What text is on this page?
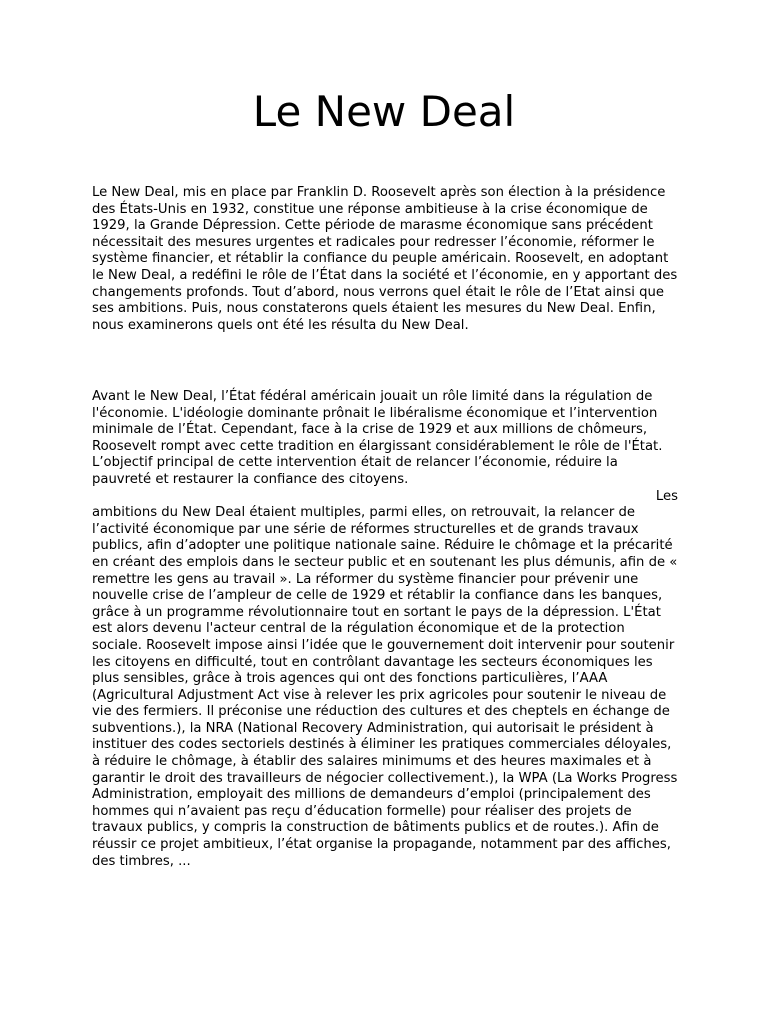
Le New Deal

Le New Deal, mis en place par Franklin D. Roosevelt après son élection à la présidence des États-Unis en 1932, constitue une réponse ambitieuse à la crise économique de 1929, la Grande Dépression. Cette période de marasme économique sans précédent nécessitait des mesures urgentes et radicales pour redresser l’économie, réformer le système financier, et rétablir la confiance du peuple américain. Roosevelt, en adoptant le New Deal, a redéfini le rôle de l’État dans la société et l’économie, en y apportant des changements profonds. Tout d’abord, nous verrons quel était le rôle de l’Etat ainsi que ses ambitions. Puis, nous constaterons quels étaient les mesures du New Deal. Enfin, nous examinerons quels ont été les résulta du New Deal.

Avant le New Deal, l’État fédéral américain jouait un rôle limité dans la régulation de l'économie. L'idéologie dominante prônait le libéralisme économique et l’intervention minimale de l’État. Cependant, face à la crise de 1929 et aux millions de chômeurs, Roosevelt rompt avec cette tradition en élargissant considérablement le rôle de l'État. L’objectif principal de cette intervention était de relancer l’économie, réduire la pauvreté et restaurer la confiance des citoyens.
Les
ambitions du New Deal étaient multiples, parmi elles, on retrouvait, la relancer de l’activité économique par une série de réformes structurelles et de grands travaux publics, afin d’adopter une politique nationale saine. Réduire le chômage et la précarité en créant des emplois dans le secteur public et en soutenant les plus démunis, afin de « remettre les gens au travail ». La réformer du système financier pour prévenir une nouvelle crise de l’ampleur de celle de 1929 et rétablir la confiance dans les banques, grâce à un programme révolutionnaire tout en sortant le pays de la dépression. L'État est alors devenu l'acteur central de la régulation économique et de la protection sociale. Roosevelt impose ainsi l’idée que le gouvernement doit intervenir pour soutenir les citoyens en difficulté, tout en contrôlant davantage les secteurs économiques les plus sensibles, grâce à trois agences qui ont des fonctions particulières, l’AAA (Agricultural Adjustment Act vise à relever les prix agricoles pour soutenir le niveau de vie des fermiers. Il préconise une réduction des cultures et des cheptels en échange de subventions.), la NRA (National Recovery Administration, qui autorisait le président à instituer des codes sectoriels destinés à éliminer les pratiques commerciales déloyales, à réduire le chômage, à établir des salaires minimums et des heures maximales et à garantir le droit des travailleurs de négocier collectivement.), la WPA (La Works Progress Administration, employait des millions de demandeurs d’emploi (principalement des hommes qui n’avaient pas reçu d’éducation formelle) pour réaliser des projets de travaux publics, y compris la construction de bâtiments publics et de routes.). Afin de réussir ce projet ambitieux, l’état organise la propagande, notamment par des affiches, des timbres, ...
